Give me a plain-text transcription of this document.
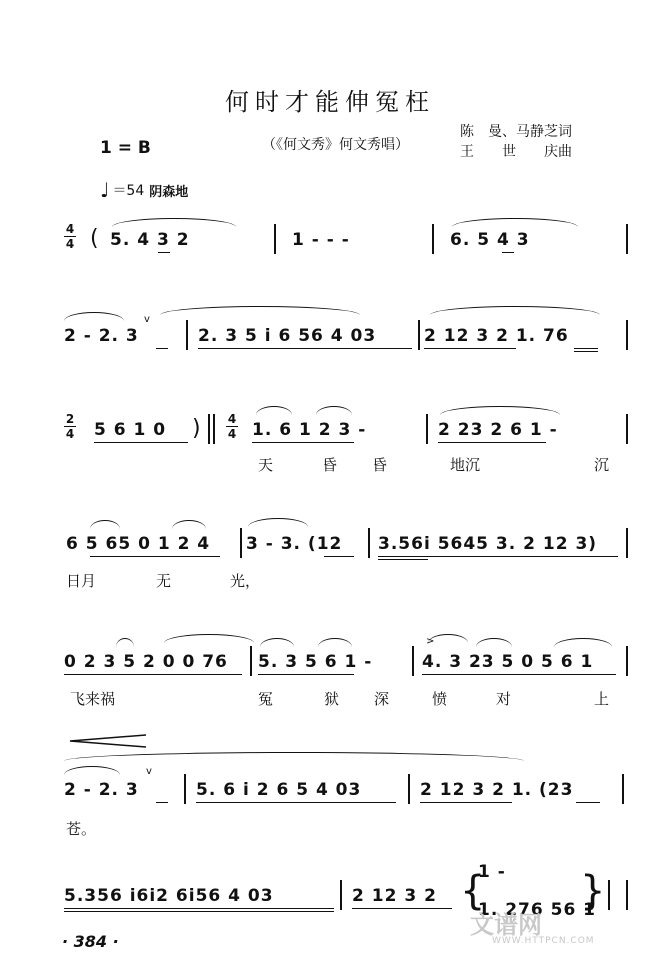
何时才能伸冤枉
1 = B	（《何文秀》何文秀唱）
陈　曼、马静芝词
王　　世　　庆曲
♩ ＝54 阴森地
4
4 ( 5. 4 3 2	1 - - -	6. 5 4 3
v
2 - 2. 3	2. 3 5 i 6 56 4 03	2 12 3 2 1. 76
2
4 5 6 1 0 ) 4
4 1. 6 1 2 3 -	2 23 2 6 1 -
天	昏 昏	地沉	沉
6 5 65 0 1 2 4 3 - 3. (12 3.56i 5645 3. 2 12 3)
日月	无	光，
0 2 3 5 2 0 0 76 5. 3 5 6 1 -
>
4. 3 23 5 0 5 6 1
飞来祸	冤	狱 深	愤	对	上
v
2 - 2. 3	5. 6 i 2 6 5 4 03	2 12 3 2 1. (23
苍。
5.356 i6i2 6i56 4 03	2 12 3 2 {
1 -
1. 276 56 1
}
· 384 ·
文谱网
WWW.HTTPCN.COM
